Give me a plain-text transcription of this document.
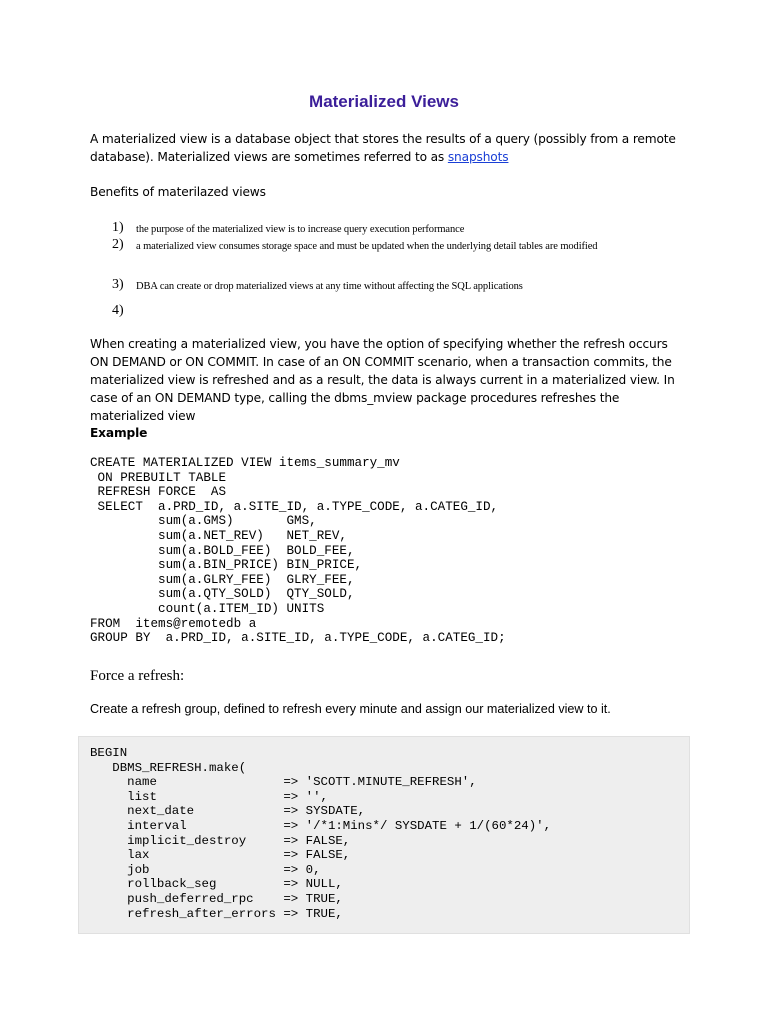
Materialized Views
A materialized view is a database object that stores the results of a query (possibly from a remote database). Materialized views are sometimes referred to as snapshots
Benefits of materilazed views
1) the purpose of the materialized view is to increase query execution performance
2) a materialized view consumes storage space and must be updated when the underlying detail tables are modified
3) DBA can create or drop materialized views at any time without affecting the SQL applications
4)
When creating a materialized view, you have the option of specifying whether the refresh occurs ON DEMAND or ON COMMIT. In case of an ON COMMIT scenario, when a transaction commits, the materialized view is refreshed and as a result, the data is always current in a materialized view. In case of an ON DEMAND type, calling the dbms_mview package procedures refreshes the materialized view
Example
CREATE MATERIALIZED VIEW items_summary_mv
ON PREBUILT TABLE
REFRESH FORCE  AS
SELECT  a.PRD_ID, a.SITE_ID, a.TYPE_CODE, a.CATEG_ID,
sum(a.GMS)       GMS,
sum(a.NET_REV)   NET_REV,
sum(a.BOLD_FEE)  BOLD_FEE,
sum(a.BIN_PRICE) BIN_PRICE,
sum(a.GLRY_FEE)  GLRY_FEE,
sum(a.QTY_SOLD)  QTY_SOLD,
count(a.ITEM_ID) UNITS
FROM  items@remotedb a
GROUP BY  a.PRD_ID, a.SITE_ID, a.TYPE_CODE, a.CATEG_ID;
Force a refresh:
Create a refresh group, defined to refresh every minute and assign our materialized view to it.
BEGIN
DBMS_REFRESH.make(
name                 => 'SCOTT.MINUTE_REFRESH',
list                 => '',
next_date            => SYSDATE,
interval             => '/*1:Mins*/ SYSDATE + 1/(60*24)',
implicit_destroy     => FALSE,
lax                  => FALSE,
job                  => 0,
rollback_seg         => NULL,
push_deferred_rpc    => TRUE,
refresh_after_errors => TRUE,
